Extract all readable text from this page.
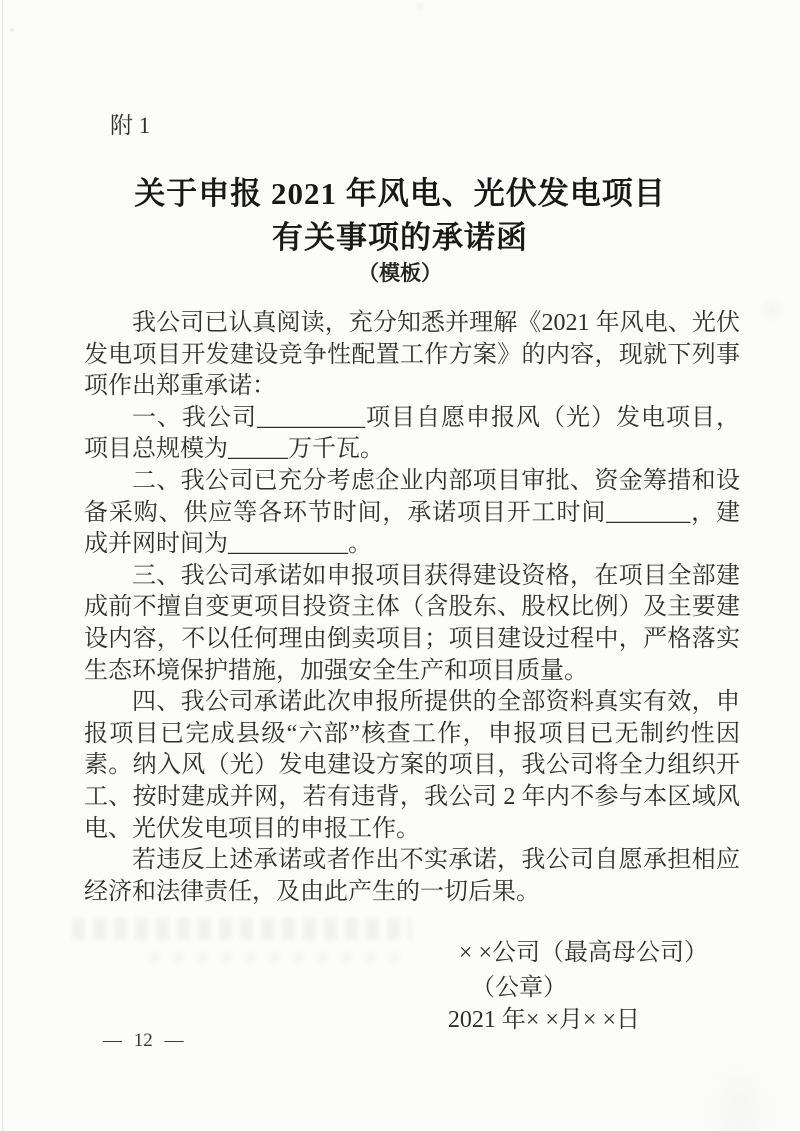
附 1
关于申报 2021 年风电、光伏发电项目
有关事项的承诺函
（模板）

我公司已认真阅读，充分知悉并理解《2021 年风电、光伏发电项目开发建设竞争性配置工作方案》的内容，现就下列事项作出郑重承诺：

一、我公司_________项目自愿申报风（光）发电项目，项目总规模为_____万千瓦。

二、我公司已充分考虑企业内部项目审批、资金筹措和设备采购、供应等各环节时间，承诺项目开工时间_______，建成并网时间为__________。

三、我公司承诺如申报项目获得建设资格，在项目全部建成前不擅自变更项目投资主体（含股东、股权比例）及主要建设内容，不以任何理由倒卖项目；项目建设过程中，严格落实生态环境保护措施，加强安全生产和项目质量。

四、我公司承诺此次申报所提供的全部资料真实有效，申报项目已完成县级“六部”核查工作，申报项目已无制约性因素。纳入风（光）发电建设方案的项目，我公司将全力组织开工、按时建成并网，若有违背，我公司 2 年内不参与本区域风电、光伏发电项目的申报工作。

若违反上述承诺或者作出不实承诺，我公司自愿承担相应经济和法律责任，及由此产生的一切后果。

× ×公司（最高母公司）
（公章）
2021 年× ×月× ×日
— 12 —
